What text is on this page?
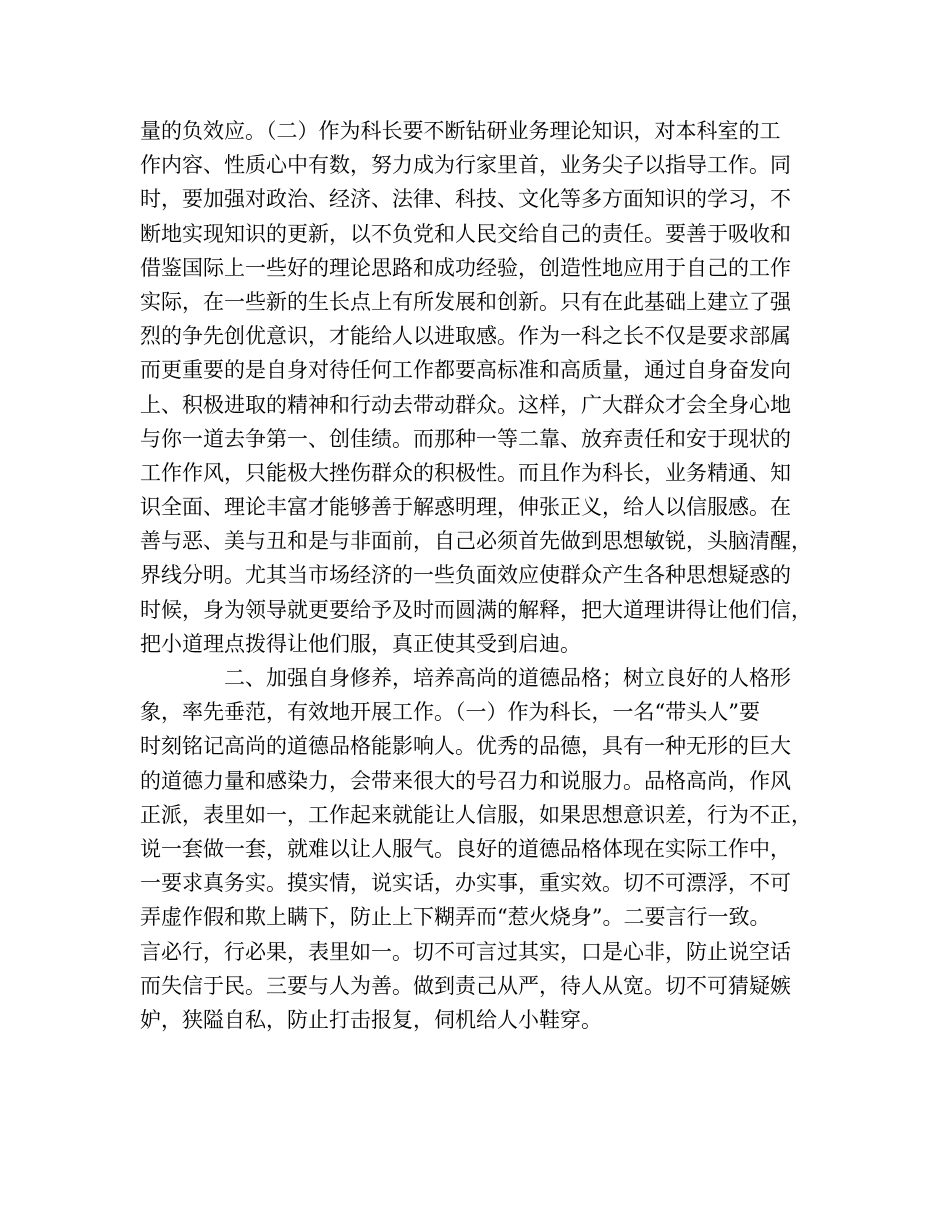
量的负效应。（二）作为科长要不断钻研业务理论知识，对本科室的工
作内容、性质心中有数，努力成为行家里首，业务尖子以指导工作。同
时，要加强对政治、经济、法律、科技、文化等多方面知识的学习，不
断地实现知识的更新，以不负党和人民交给自己的责任。要善于吸收和
借鉴国际上一些好的理论思路和成功经验，创造性地应用于自己的工作
实际，在一些新的生长点上有所发展和创新。只有在此基础上建立了强
烈的争先创优意识，才能给人以进取感。作为一科之长不仅是要求部属
而更重要的是自身对待任何工作都要高标准和高质量，通过自身奋发向
上、积极进取的精神和行动去带动群众。这样，广大群众才会全身心地
与你一道去争第一、创佳绩。而那种一等二靠、放弃责任和安于现状的
工作作风，只能极大挫伤群众的积极性。而且作为科长，业务精通、知
识全面、理论丰富才能够善于解惑明理，伸张正义，给人以信服感。在
善与恶、美与丑和是与非面前，自己必须首先做到思想敏锐，头脑清醒，
界线分明。尤其当市场经济的一些负面效应使群众产生各种思想疑惑的
时候，身为领导就更要给予及时而圆满的解释，把大道理讲得让他们信，
把小道理点拨得让他们服，真正使其受到启迪。
二、加强自身修养，培养高尚的道德品格；树立良好的人格形
象，率先垂范，有效地开展工作。（一）作为科长，一名“带头人”要
时刻铭记高尚的道德品格能影响人。优秀的品德，具有一种无形的巨大
的道德力量和感染力，会带来很大的号召力和说服力。品格高尚，作风
正派，表里如一，工作起来就能让人信服，如果思想意识差，行为不正，
说一套做一套，就难以让人服气。良好的道德品格体现在实际工作中，
一要求真务实。摸实情，说实话，办实事，重实效。切不可漂浮，不可
弄虚作假和欺上瞒下，防止上下糊弄而“惹火烧身”。二要言行一致。
言必行，行必果，表里如一。切不可言过其实，口是心非，防止说空话
而失信于民。三要与人为善。做到责己从严，待人从宽。切不可猜疑嫉
妒，狭隘自私，防止打击报复，伺机给人小鞋穿。
